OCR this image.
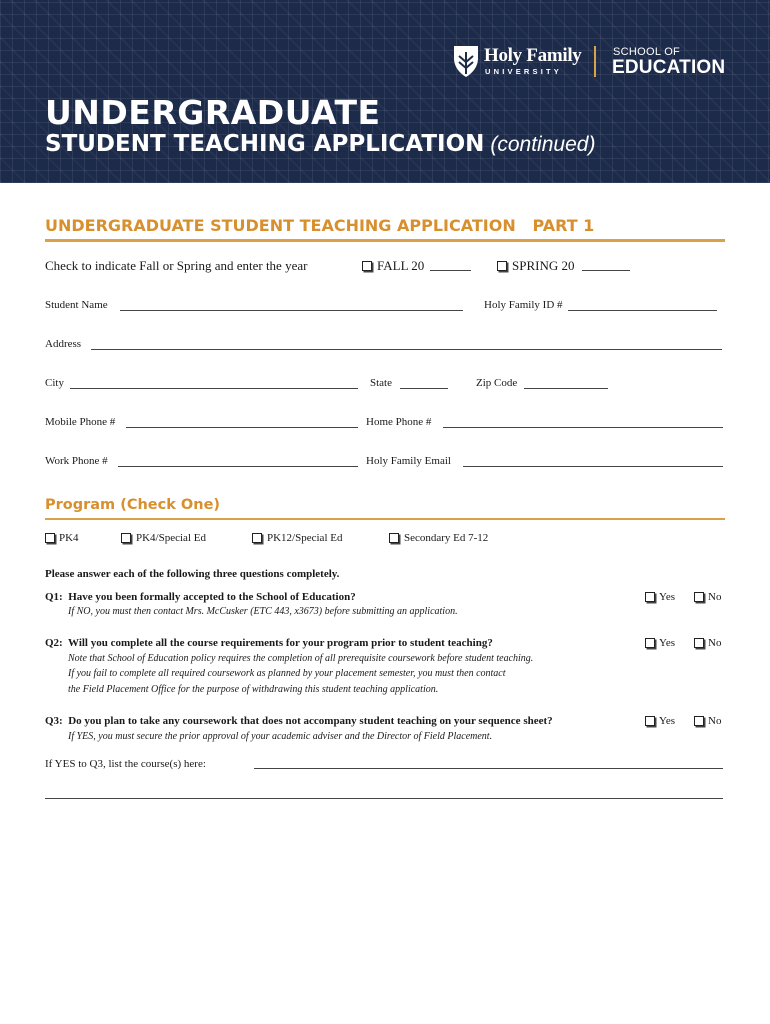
Holy Family
UNIVERSITY
SCHOOL OF
EDUCATION
UNDERGRADUATE
STUDENT TEACHING APPLICATION (continued)
UNDERGRADUATE STUDENT TEACHING APPLICATION   PART 1
Check to indicate Fall or Spring and enter the year	FALL 20	SPRING 20
Student Name	Holy Family ID #
Address
City	State	Zip Code
Mobile Phone #	Home Phone #
Work Phone #	Holy Family Email
Program (Check One)
PK4	PK4/Special Ed	PK12/Special Ed	Secondary Ed 7-12
Please answer each of the following three questions completely.
Q1:  Have you been formally accepted to the School of Education?
If NO, you must then contact Mrs. McCusker (ETC 443, x3673) before submitting an application.
Yes	No
Q2:  Will you complete all the course requirements for your program prior to student teaching?
Note that School of Education policy requires the completion of all prerequisite coursework before student teaching.
If you fail to complete all required coursework as planned by your placement semester, you must then contact
the Field Placement Office for the purpose of withdrawing this student teaching application.
Yes	No
Q3:  Do you plan to take any coursework that does not accompany student teaching on your sequence sheet?
If YES, you must secure the prior approval of your academic adviser and the Director of Field Placement.
Yes	No
If YES to Q3, list the course(s) here:
